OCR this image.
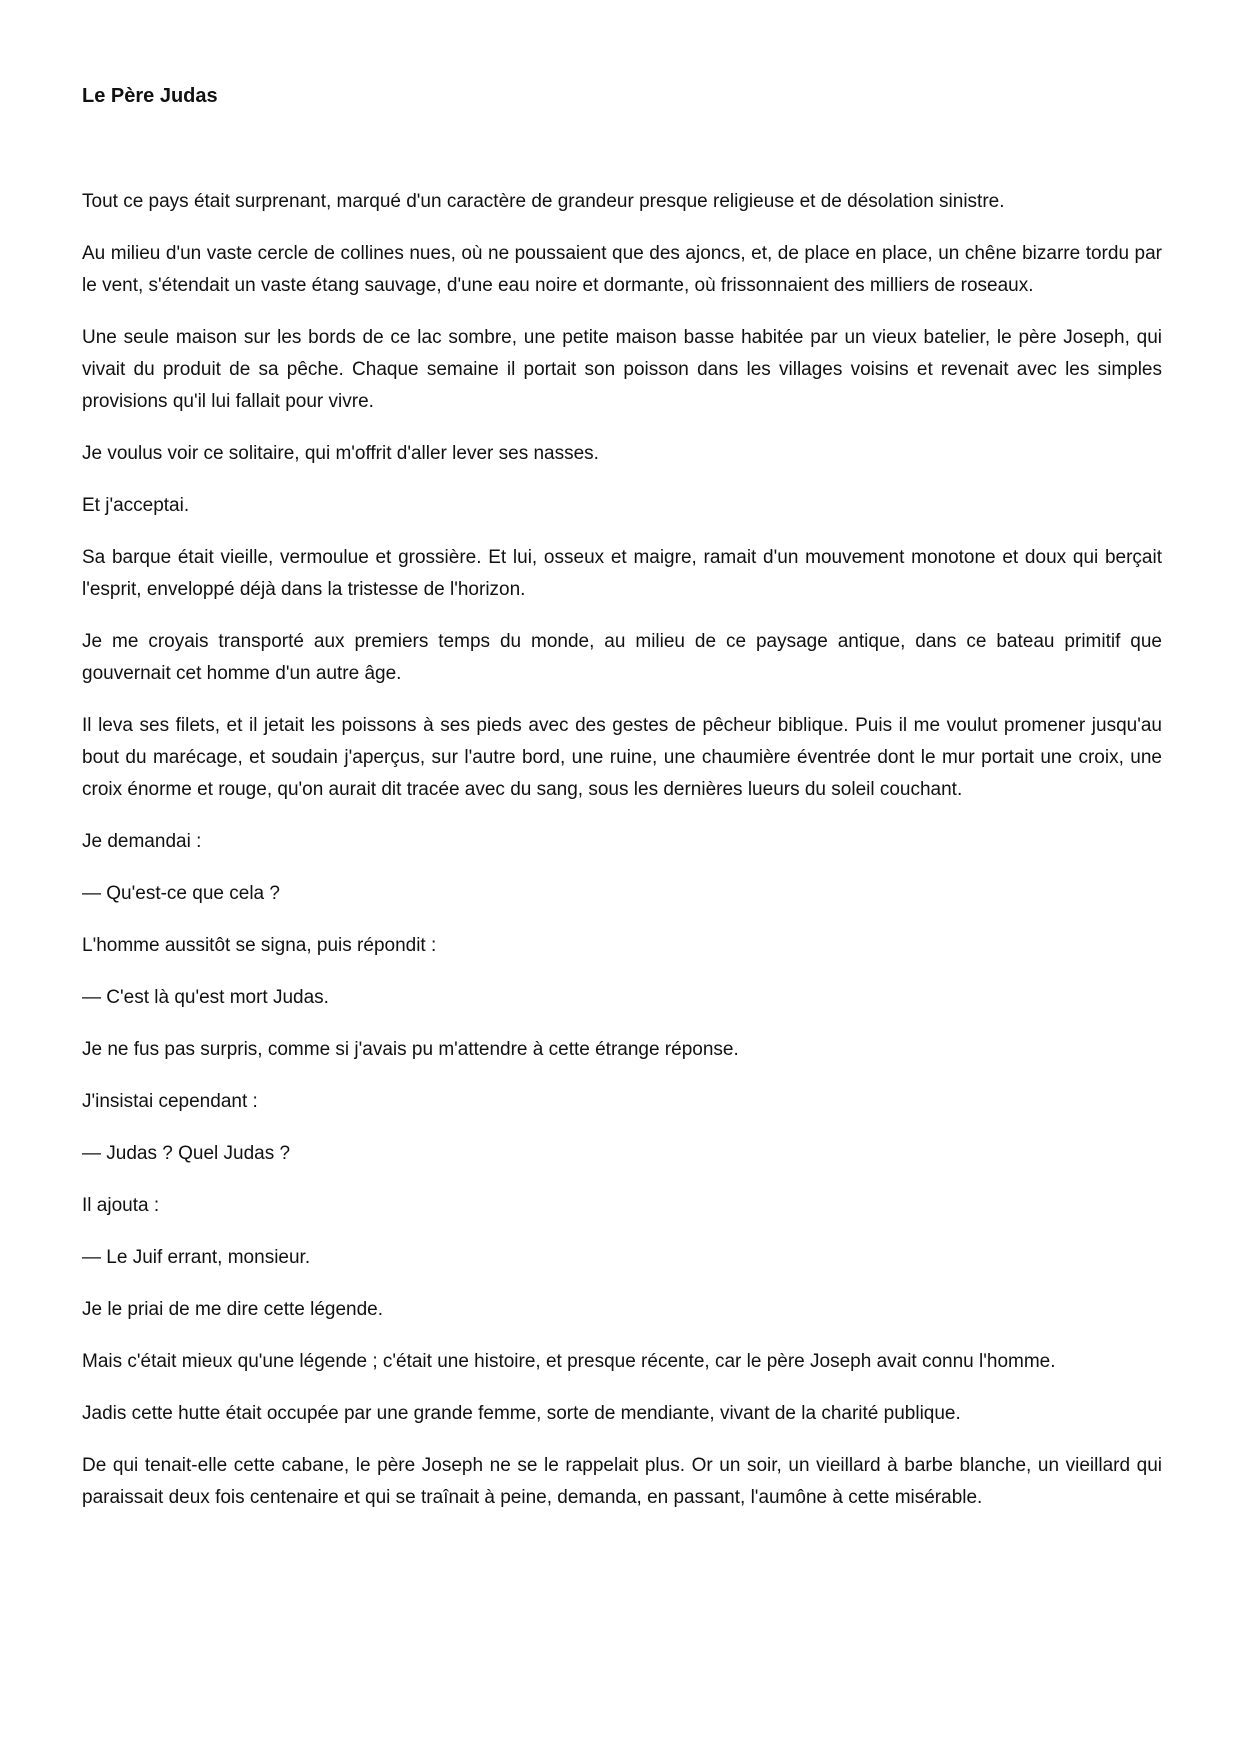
Le Père Judas

Tout ce pays était surprenant, marqué d'un caractère de grandeur presque religieuse et de désolation sinistre.

Au milieu d'un vaste cercle de collines nues, où ne poussaient que des ajoncs, et, de place en place, un chêne bizarre tordu par le vent, s'étendait un vaste étang sauvage, d'une eau noire et dormante, où frissonnaient des milliers de roseaux.

Une seule maison sur les bords de ce lac sombre, une petite maison basse habitée par un vieux batelier, le père Joseph, qui vivait du produit de sa pêche. Chaque semaine il portait son poisson dans les villages voisins et revenait avec les simples provisions qu'il lui fallait pour vivre.

Je voulus voir ce solitaire, qui m'offrit d'aller lever ses nasses.

Et j'acceptai.

Sa barque était vieille, vermoulue et grossière. Et lui, osseux et maigre, ramait d'un mouvement monotone et doux qui berçait l'esprit, enveloppé déjà dans la tristesse de l'horizon.

Je me croyais transporté aux premiers temps du monde, au milieu de ce paysage antique, dans ce bateau primitif que gouvernait cet homme d'un autre âge.

Il leva ses filets, et il jetait les poissons à ses pieds avec des gestes de pêcheur biblique. Puis il me voulut promener jusqu'au bout du marécage, et soudain j'aperçus, sur l'autre bord, une ruine, une chaumière éventrée dont le mur portait une croix, une croix énorme et rouge, qu'on aurait dit tracée avec du sang, sous les dernières lueurs du soleil couchant.

Je demandai :

— Qu'est-ce que cela ?

L'homme aussitôt se signa, puis répondit :

— C'est là qu'est mort Judas.

Je ne fus pas surpris, comme si j'avais pu m'attendre à cette étrange réponse.

J'insistai cependant :

— Judas ? Quel Judas ?

Il ajouta :

— Le Juif errant, monsieur.

Je le priai de me dire cette légende.

Mais c'était mieux qu'une légende ; c'était une histoire, et presque récente, car le père Joseph avait connu l'homme.

Jadis cette hutte était occupée par une grande femme, sorte de mendiante, vivant de la charité publique.

De qui tenait-elle cette cabane, le père Joseph ne se le rappelait plus. Or un soir, un vieillard à barbe blanche, un vieillard qui paraissait deux fois centenaire et qui se traînait à peine, demanda, en passant, l'aumône à cette misérable.
